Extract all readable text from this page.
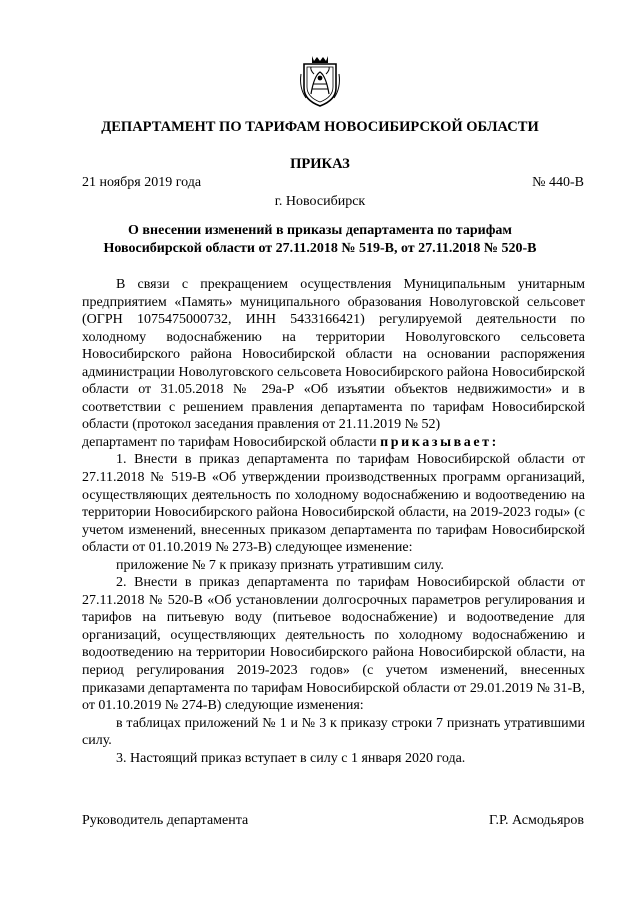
ДЕПАРТАМЕНТ ПО ТАРИФАМ НОВОСИБИРСКОЙ ОБЛАСТИ
ПРИКАЗ
21 ноября 2019 года	№ 440-В
г. Новосибирск
О внесении изменений в приказы департамента по тарифам Новосибирской области от 27.11.2018 № 519-В, от 27.11.2018 № 520-В

В связи с прекращением осуществления Муниципальным унитарным предприятием «Память» муниципального образования Новолуговской сельсовет (ОГРН 1075475000732, ИНН 5433166421) регулируемой деятельности по холодному водоснабжению на территории Новолуговского сельсовета Новосибирского района Новосибирской области на основании распоряжения администрации Новолуговского сельсовета Новосибирского района Новосибирской области от 31.05.2018 № 29а-Р «Об изъятии объектов недвижимости» и в соответствии с решением правления департамента по тарифам Новосибирской области (протокол заседания правления от 21.11.2019 № 52)

департамент по тарифам Новосибирской области приказывает:

1. Внести в приказ департамента по тарифам Новосибирской области от 27.11.2018 № 519-В «Об утверждении производственных программ организаций, осуществляющих деятельность по холодному водоснабжению и водоотведению на территории Новосибирского района Новосибирской области, на 2019-2023 годы» (с учетом изменений, внесенных приказом департамента по тарифам Новосибирской области от 01.10.2019 № 273-В) следующее изменение:

приложение № 7 к приказу признать утратившим силу.

2. Внести в приказ департамента по тарифам Новосибирской области от 27.11.2018 № 520-В «Об установлении долгосрочных параметров регулирования и тарифов на питьевую воду (питьевое водоснабжение) и водоотведение для организаций, осуществляющих деятельность по холодному водоснабжению и водоотведению на территории Новосибирского района Новосибирской области, на период регулирования 2019-2023 годов» (с учетом изменений, внесенных приказами департамента по тарифам Новосибирской области от 29.01.2019 № 31-В, от 01.10.2019 № 274-В) следующие изменения:

в таблицах приложений № 1 и № 3 к приказу строки 7 признать утратившими силу.

3. Настоящий приказ вступает в силу с 1 января 2020 года.

Руководитель департамента	Г.Р. Асмодьяров
